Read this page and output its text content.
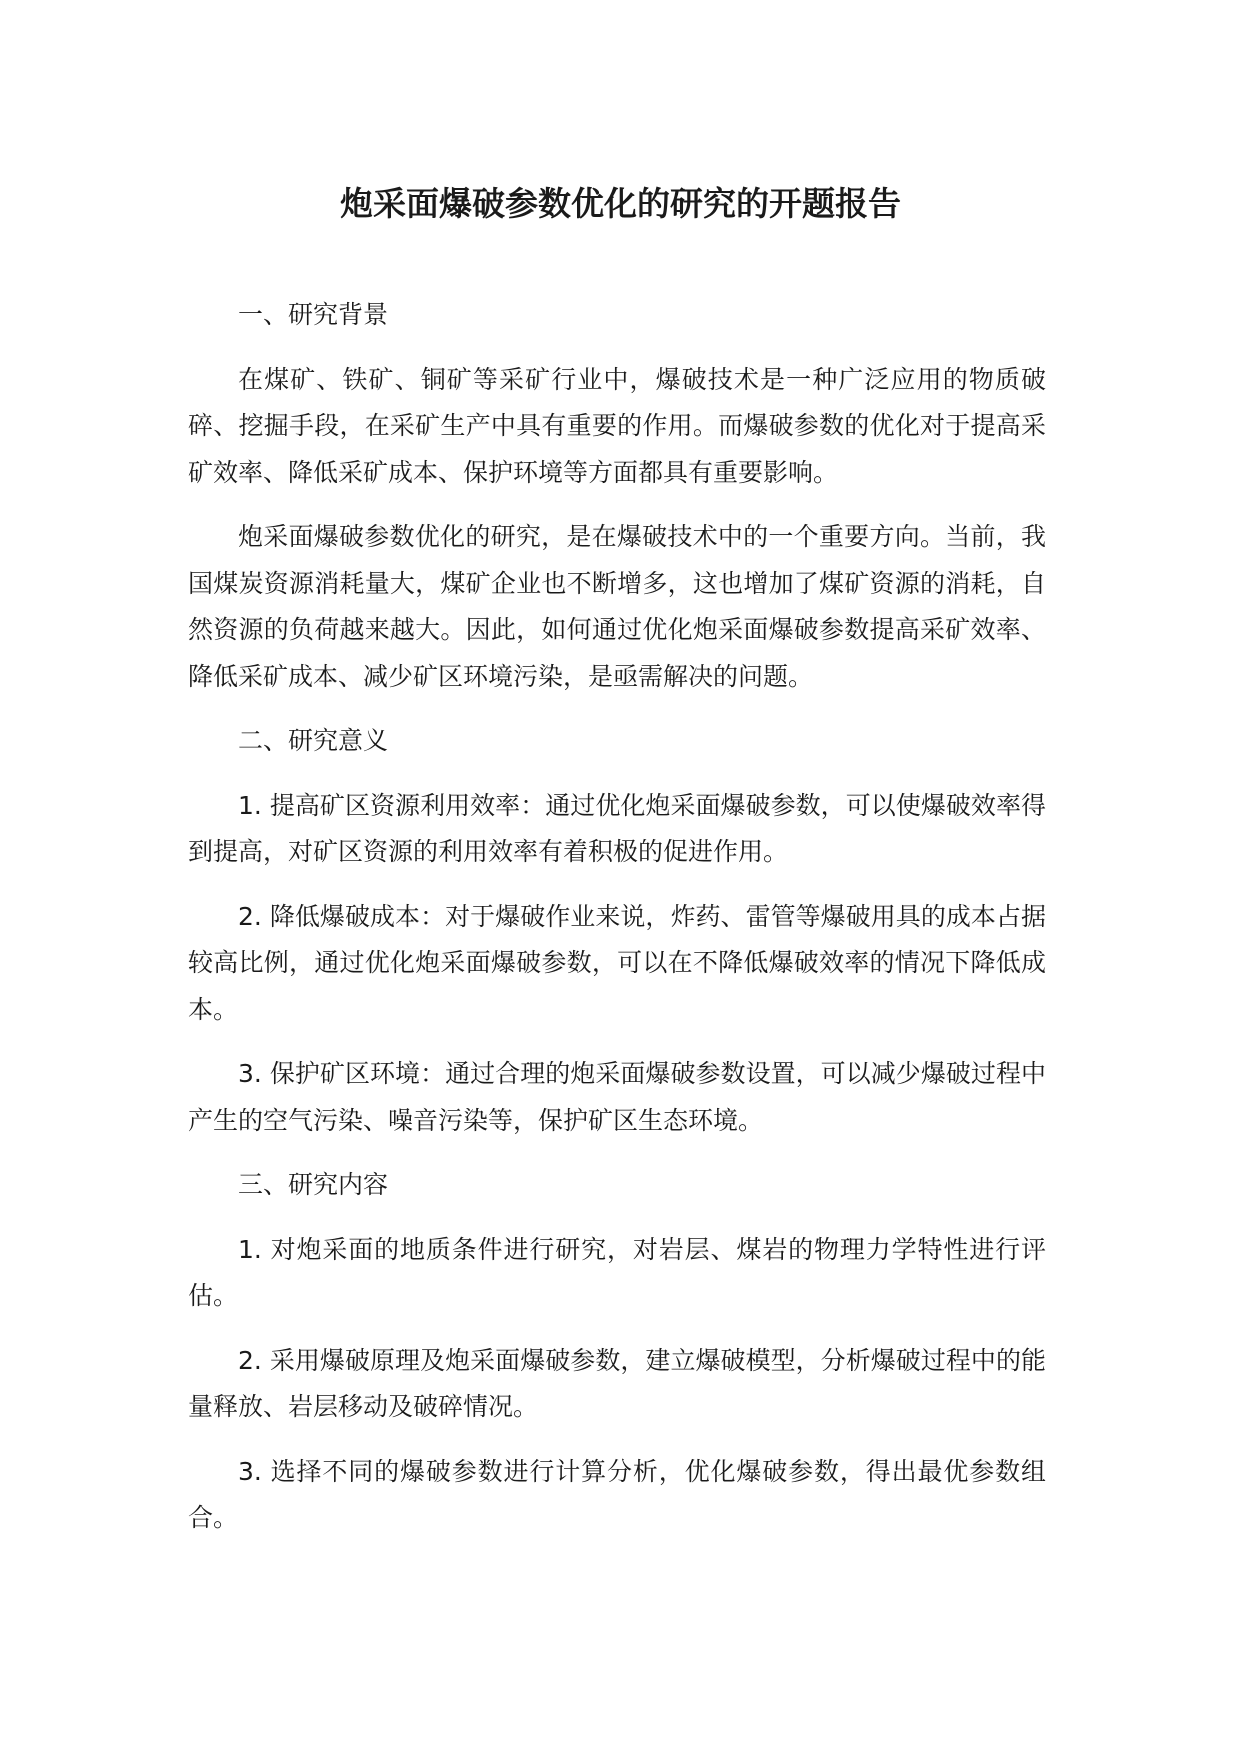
炮采面爆破参数优化的研究的开题报告

一、研究背景

在煤矿、铁矿、铜矿等采矿行业中，爆破技术是一种广泛应用的物质破碎、挖掘手段，在采矿生产中具有重要的作用。而爆破参数的优化对于提高采矿效率、降低采矿成本、保护环境等方面都具有重要影响。

炮采面爆破参数优化的研究，是在爆破技术中的一个重要方向。当前，我国煤炭资源消耗量大，煤矿企业也不断增多，这也增加了煤矿资源的消耗，自然资源的负荷越来越大。因此，如何通过优化炮采面爆破参数提高采矿效率、降低采矿成本、减少矿区环境污染，是亟需解决的问题。

二、研究意义

1. 提高矿区资源利用效率：通过优化炮采面爆破参数，可以使爆破效率得到提高，对矿区资源的利用效率有着积极的促进作用。

2. 降低爆破成本：对于爆破作业来说，炸药、雷管等爆破用具的成本占据较高比例，通过优化炮采面爆破参数，可以在不降低爆破效率的情况下降低成本。

3. 保护矿区环境：通过合理的炮采面爆破参数设置，可以减少爆破过程中产生的空气污染、噪音污染等，保护矿区生态环境。

三、研究内容

1. 对炮采面的地质条件进行研究，对岩层、煤岩的物理力学特性进行评估。

2. 采用爆破原理及炮采面爆破参数，建立爆破模型，分析爆破过程中的能量释放、岩层移动及破碎情况。

3. 选择不同的爆破参数进行计算分析，优化爆破参数，得出最优参数组合。
